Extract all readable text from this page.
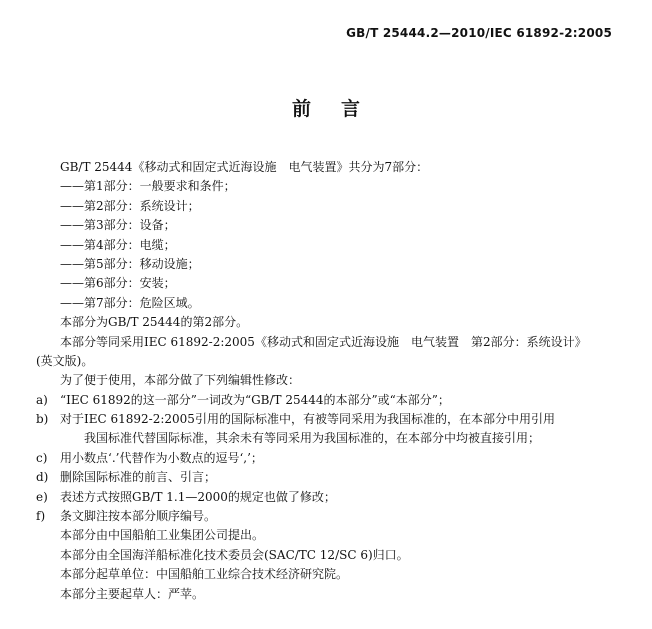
GB/T 25444.2—2010/IEC 61892-2:2005
前言
GB/T 25444《移动式和固定式近海设施　电气装置》共分为7部分：
——第1部分：一般要求和条件；
——第2部分：系统设计；
——第3部分：设备；
——第4部分：电缆；
——第5部分：移动设施；
——第6部分：安装；
——第7部分：危险区域。
本部分为GB/T 25444的第2部分。
本部分等同采用IEC 61892-2:2005《移动式和固定式近海设施　电气装置　第2部分：系统设计》
(英文版)。
为了便于使用，本部分做了下列编辑性修改：
a)	“IEC 61892的这一部分”一词改为“GB/T 25444的本部分”或“本部分”；
b) 对于IEC 61892-2:2005引用的国际标准中，有被等同采用为我国标准的，在本部分中用引用
我国标准代替国际标准，其余未有等同采用为我国标准的，在本部分中均被直接引用；
c)	用小数点‘.’代替作为小数点的逗号‘,’；
d) 删除国际标准的前言、引言；
e)	表述方式按照GB/T 1.1—2000的规定也做了修改；
f)	条文脚注按本部分顺序编号。
本部分由中国船舶工业集团公司提出。
本部分由全国海洋船标准化技术委员会(SAC/TC 12/SC 6)归口。
本部分起草单位：中国船舶工业综合技术经济研究院。
本部分主要起草人：严苹。
